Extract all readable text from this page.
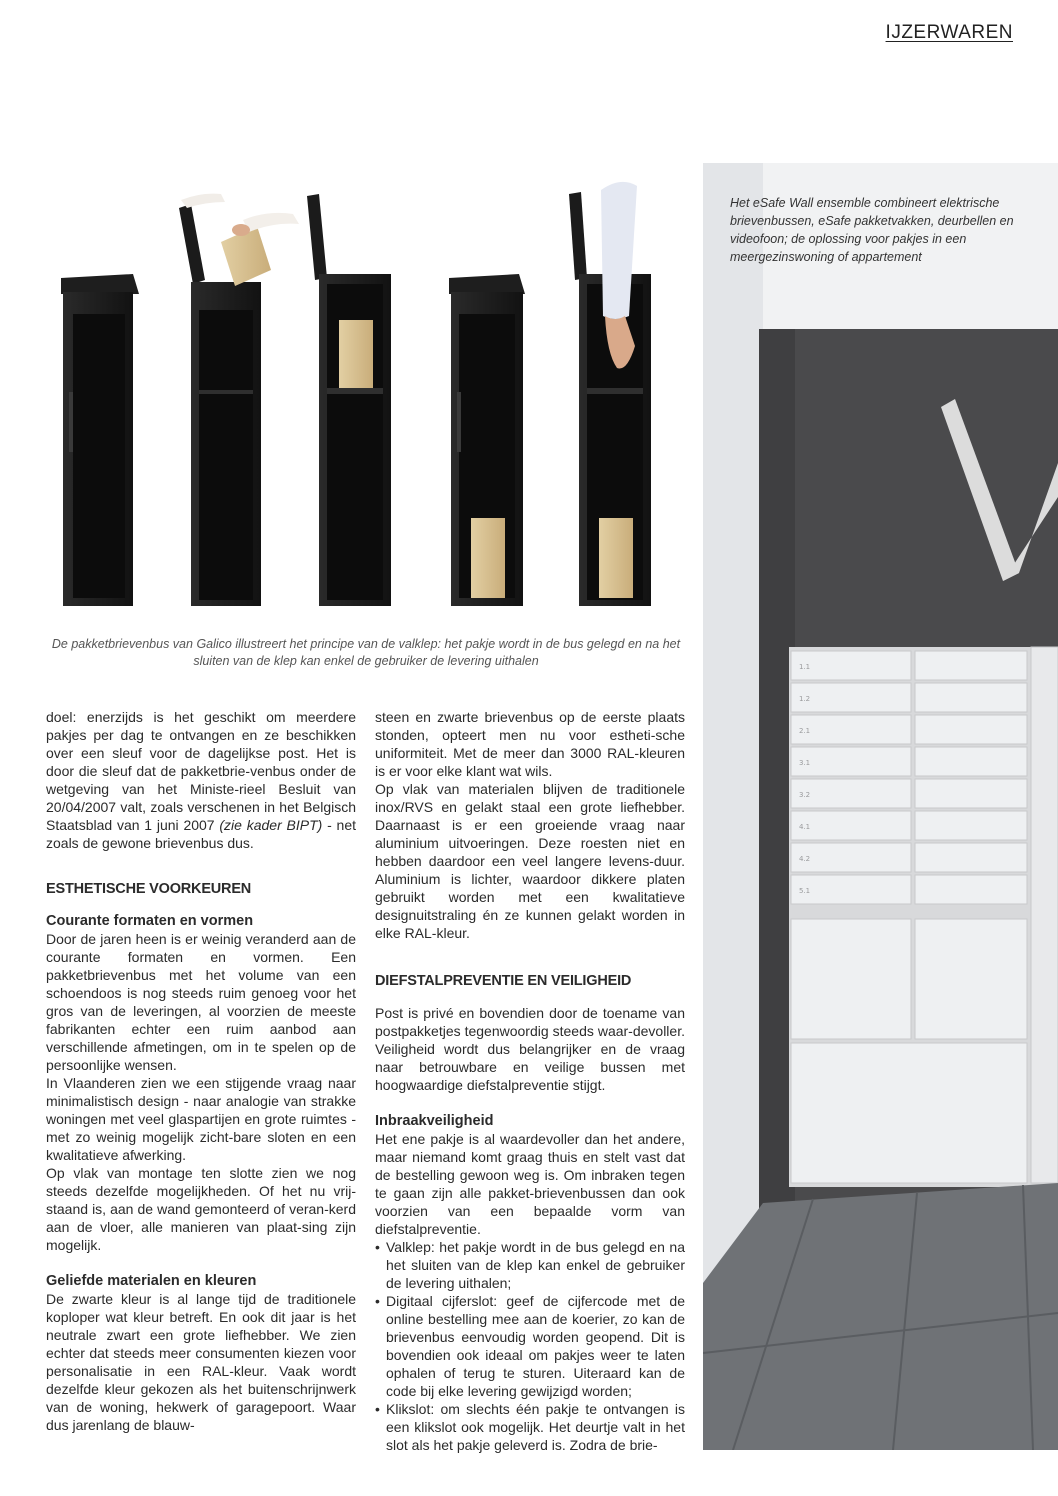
IJZERWAREN
De pakketbrievenbus van Galico illustreert het principe van de valklep: het pakje wordt in de bus gelegd en na het sluiten van de klep kan enkel de gebruiker de levering uithalen	1.1
1.2
2.1
3.1
3.2
4.1
4.2
5.1
Het eSafe Wall ensemble combineert elektrische brievenbussen, eSafe pakketvakken, deurbellen en videofoon; de oplossing voor pakjes in een meergezinswoning of appartement

doel: enerzijds is het geschikt om meerdere pakjes per dag te ontvangen en ze beschikken over een sleuf voor de dagelijkse post. Het is door die sleuf dat de pakketbrie-venbus onder de wetgeving van het Ministe-rieel Besluit van 20/04/2007 valt, zoals verschenen in het Belgisch Staatsblad van 1 juni 2007 (zie kader BIPT) - net zoals de gewone brievenbus dus.

ESTHETISCHE VOORKEUREN
Courante formaten en vormen

Door de jaren heen is er weinig veranderd aan de courante formaten en vormen. Een pakketbrievenbus met het volume van een schoendoos is nog steeds ruim genoeg voor het gros van de leveringen, al voorzien de meeste fabrikanten echter een ruim aanbod aan verschillende afmetingen, om in te spelen op de persoonlijke wensen.

In Vlaanderen zien we een stijgende vraag naar minimalistisch design - naar analogie van strakke woningen met veel glaspartijen en grote ruimtes - met zo weinig mogelijk zicht-bare sloten en een kwalitatieve afwerking.

Op vlak van montage ten slotte zien we nog steeds dezelfde mogelijkheden. Of het nu vrij-staand is, aan de wand gemonteerd of veran-kerd aan de vloer, alle manieren van plaat-sing zijn mogelijk.

Geliefde materialen en kleuren

De zwarte kleur is al lange tijd de traditionele koploper wat kleur betreft. En ook dit jaar is het neutrale zwart een grote liefhebber. We zien echter dat steeds meer consumenten kiezen voor personalisatie in een RAL-kleur. Vaak wordt dezelfde kleur gekozen als het buitenschrijnwerk van de woning, hekwerk of garagepoort. Waar dus jarenlang de blauw-

steen en zwarte brievenbus op de eerste plaats stonden, opteert men nu voor estheti-sche uniformiteit. Met de meer dan 3000 RAL-kleuren is er voor elke klant wat wils.

Op vlak van materialen blijven de traditionele inox/RVS en gelakt staal een grote liefhebber. Daarnaast is er een groeiende vraag naar aluminium uitvoeringen. Deze roesten niet en hebben daardoor een veel langere levens-duur. Aluminium is lichter, waardoor dikkere platen gebruikt worden met een kwalitatieve designuitstraling én ze kunnen gelakt worden in elke RAL-kleur.

DIEFSTALPREVENTIE EN VEILIGHEID

Post is privé en bovendien door de toename van postpakketjes tegenwoordig steeds waar-devoller. Veiligheid wordt dus belangrijker en de vraag naar betrouwbare en veilige bussen met hoogwaardige diefstalpreventie stijgt.

Inbraakveiligheid

Het ene pakje is al waardevoller dan het andere, maar niemand komt graag thuis en stelt vast dat de bestelling gewoon weg is. Om inbraken tegen te gaan zijn alle pakket-brievenbussen dan ook voorzien van een bepaalde vorm van diefstalpreventie.

• Valklep: het pakje wordt in de bus gelegd en na het sluiten van de klep kan enkel de gebruiker de levering uithalen;
• Digitaal cijferslot: geef de cijfercode met de online bestelling mee aan de koerier, zo kan de brievenbus eenvoudig worden geopend. Dit is bovendien ook ideaal om pakjes weer te laten ophalen of terug te sturen. Uiteraard kan de code bij elke levering gewijzigd worden;
• Klikslot: om slechts één pakje te ontvangen is een klikslot ook mogelijk. Het deurtje valt in het slot als het pakje geleverd is. Zodra de brie-
